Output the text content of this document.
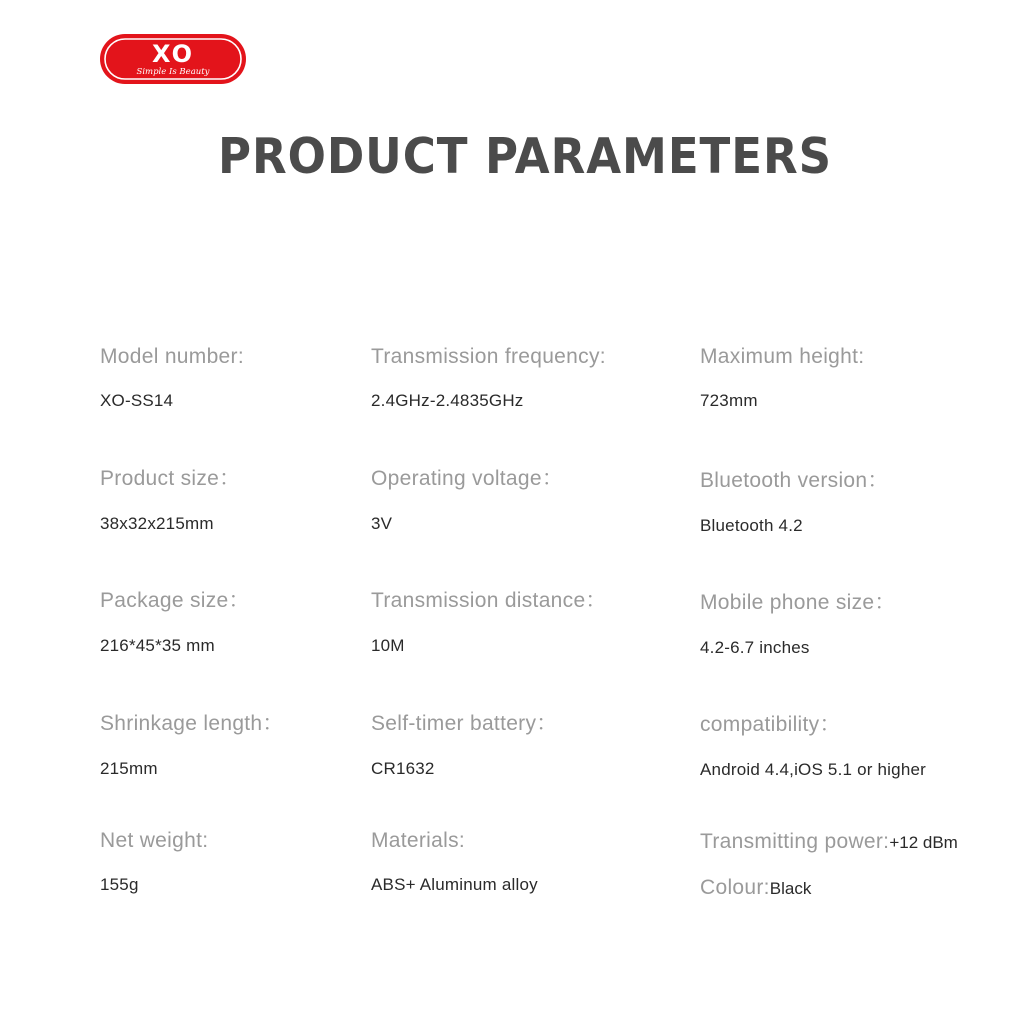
XO
Simple Is Beauty
PRODUCT PARAMETERS
Model number:
XO-SS14
Transmission frequency:
2.4GHz-2.4835GHz
Maximum height:
723mm
Product size：
38x32x215mm
Operating voltage：
3V
Bluetooth version：
Bluetooth 4.2
Package size：
216*45*35 mm
Transmission distance：
10M
Mobile phone size：
4.2-6.7 inches
Shrinkage length：
215mm
Self-timer battery：
CR1632
compatibility：
Android 4.4,iOS 5.1 or higher
Net weight:
155g
Materials:
ABS+ Aluminum alloy
Transmitting power:+12 dBm
Colour:Black
